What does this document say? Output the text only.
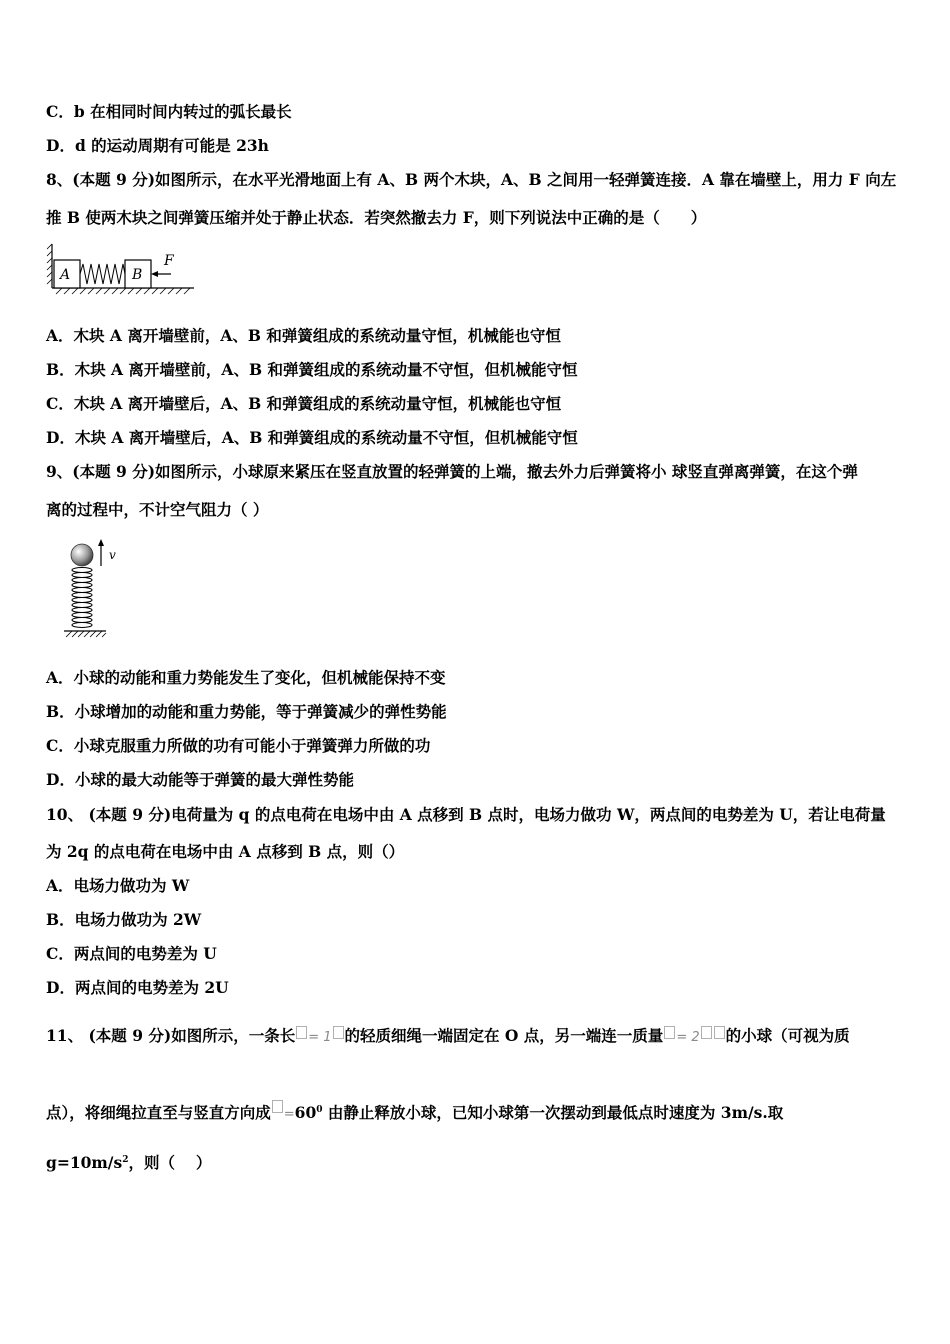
C．b 在相同时间内转过的弧长最长
D．d 的运动周期有可能是 23h
8、(本题 9 分)如图所示，在水平光滑地面上有 A、B 两个木块，A、B 之间用一轻弹簧连接．A 靠在墙壁上，用力 F 向左
推 B 使两木块之间弹簧压缩并处于静止状态．若突然撤去力 F，则下列说法中正确的是（　　）
A	B
F
A．木块 A 离开墙壁前，A、B 和弹簧组成的系统动量守恒，机械能也守恒
B．木块 A 离开墙壁前，A、B 和弹簧组成的系统动量不守恒，但机械能守恒
C．木块 A 离开墙壁后，A、B 和弹簧组成的系统动量守恒，机械能也守恒
D．木块 A 离开墙壁后，A、B 和弹簧组成的系统动量不守恒，但机械能守恒
9、(本题 9 分)如图所示，小球原来紧压在竖直放置的轻弹簧的上端，撤去外力后弹簧将小 球竖直弹离弹簧，在这个弹
离的过程中，不计空气阻力（ ）
v
A．小球的动能和重力势能发生了变化，但机械能保持不变
B．小球增加的动能和重力势能，等于弹簧减少的弹性势能
C．小球克服重力所做的功有可能小于弹簧弹力所做的功
D．小球的最大动能等于弹簧的最大弹性势能
10、 (本题 9 分)电荷量为 q 的点电荷在电场中由 A 点移到 B 点时，电场力做功 W，两点间的电势差为 U，若让电荷量
为 2q 的点电荷在电场中由 A 点移到 B 点，则（）
A．电场力做功为 W
B．电场力做功为 2W
C．两点间的电势差为 U
D．两点间的电势差为 2U
11、 (本题 9 分)如图所示，一条长 = 1 的轻质细绳一端固定在 O 点，另一端连一质量 = 2 的小球（可视为质
点），将细绳拉直至与竖直方向成 $=60^0$ 由静止释放小球，已知小球第一次摆动到最低点时速度为 3m/s.取
$g=10m/s^2$，则（　 ）
